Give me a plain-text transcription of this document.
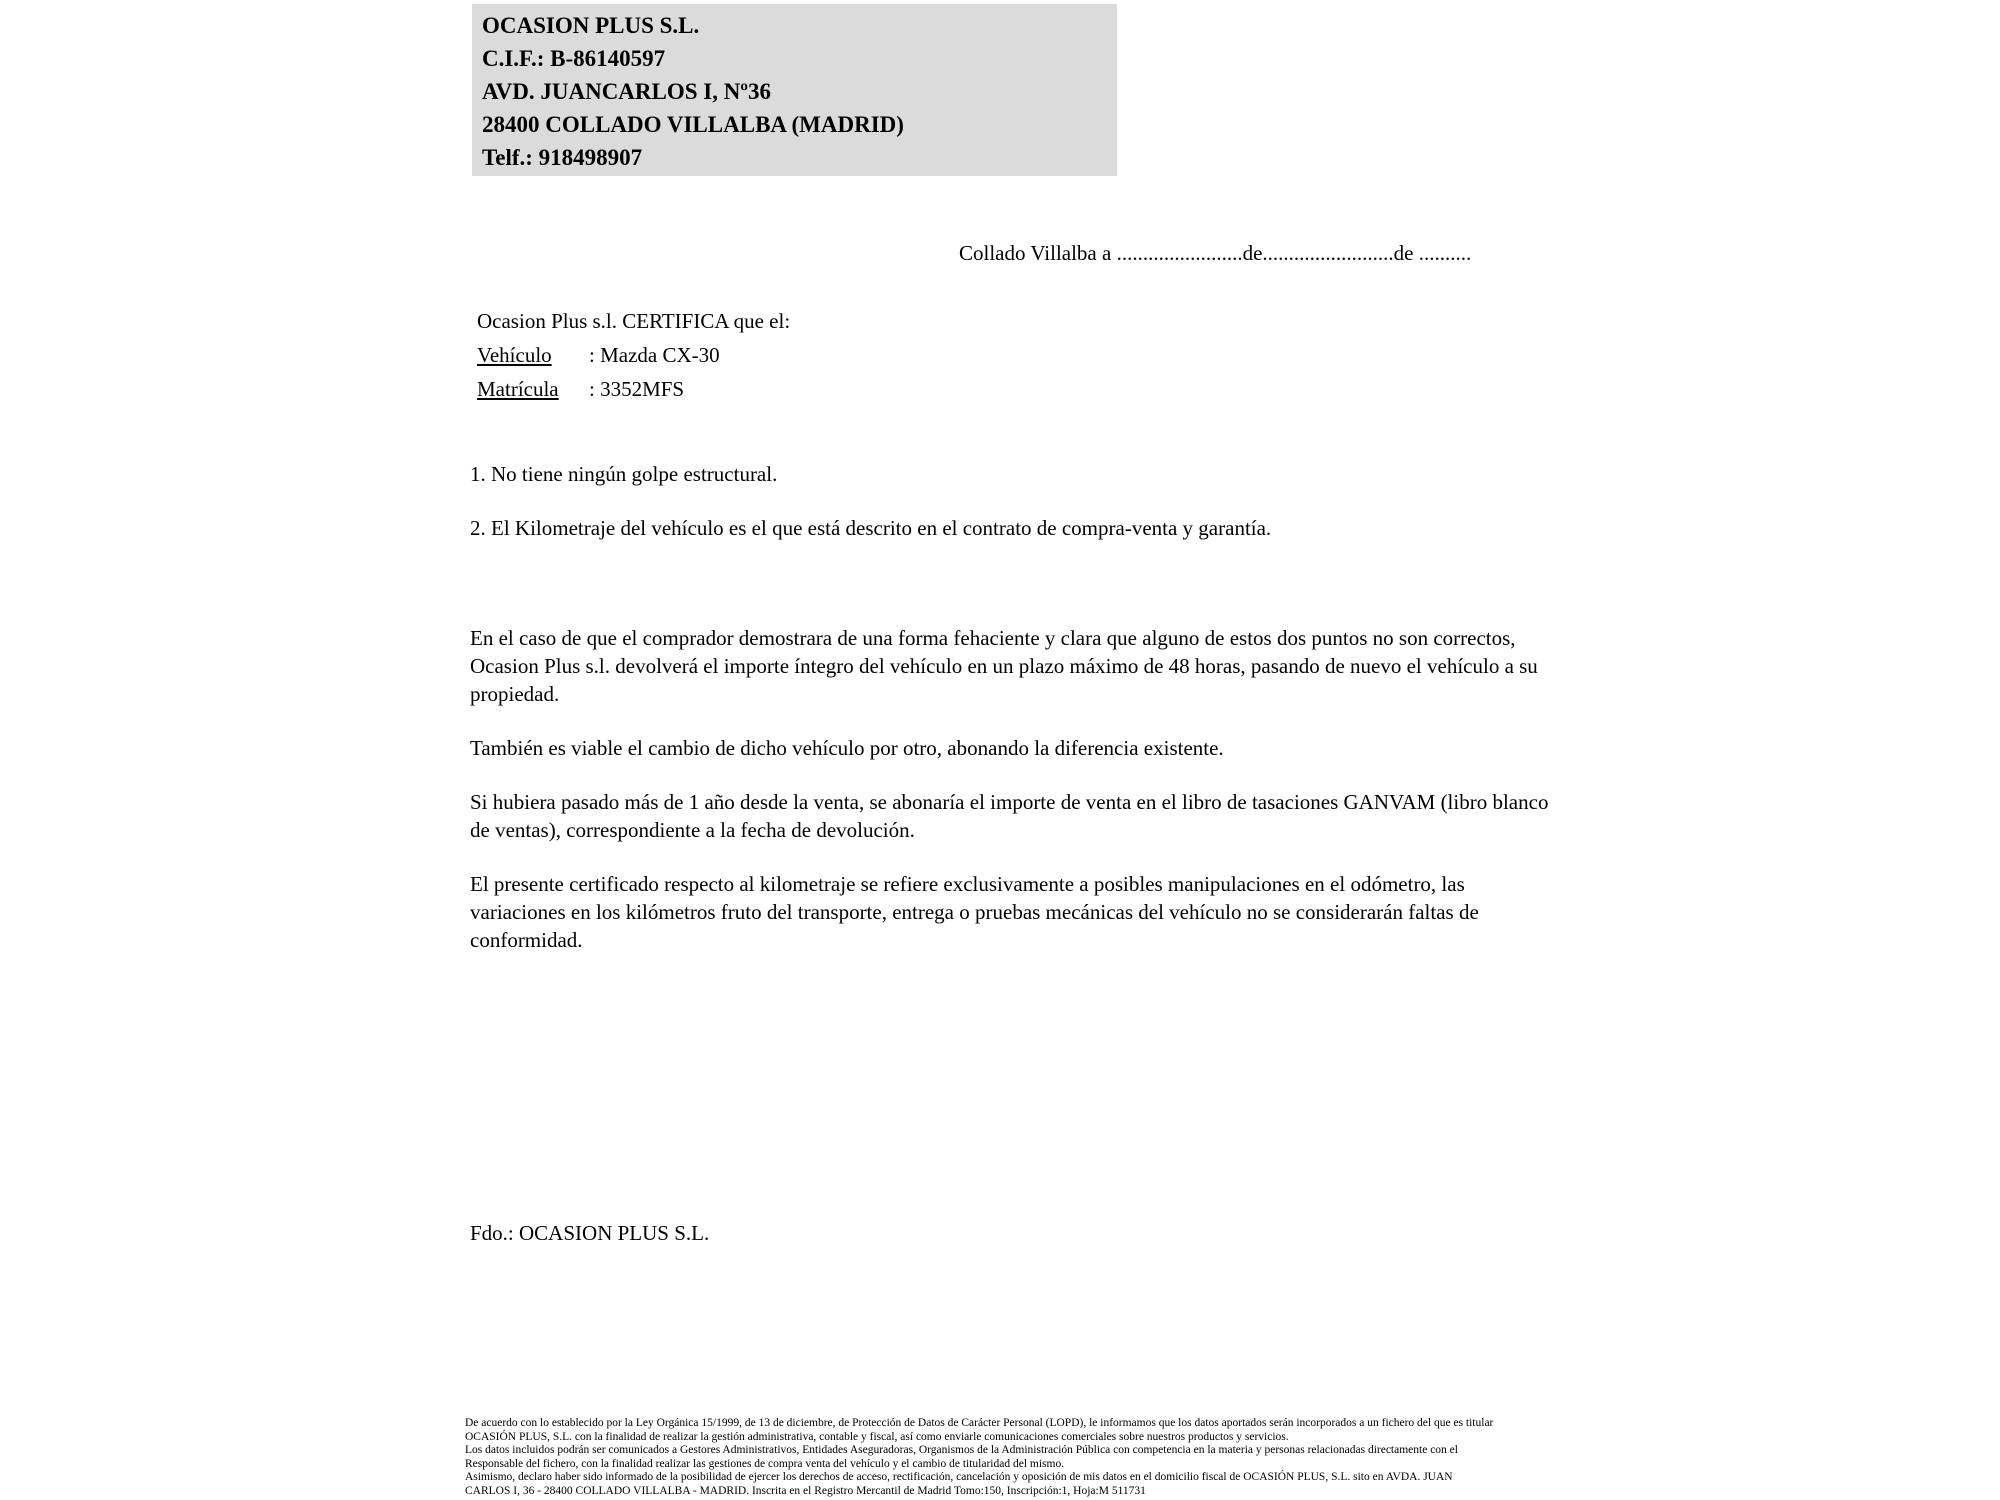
OCASION PLUS S.L.
C.I.F.: B-86140597
AVD. JUANCARLOS I, Nº36
28400 COLLADO VILLALBA (MADRID)
Telf.: 918498907
Collado Villalba a ........................de.........................de ..........
Ocasion Plus s.l. CERTIFICA que el:
Vehículo : Mazda CX-30
Matrícula : 3352MFS
1. No tiene ningún golpe estructural.
2. El Kilometraje del vehículo es el que está descrito en el contrato de compra-venta y garantía.

En el caso de que el comprador demostrara de una forma fehaciente y clara que alguno de estos dos puntos no son correctos, Ocasion Plus s.l. devolverá el importe íntegro del vehículo en un plazo máximo de 48 horas, pasando de nuevo el vehículo a su propiedad.

También es viable el cambio de dicho vehículo por otro, abonando la diferencia existente.

Si hubiera pasado más de 1 año desde la venta, se abonaría el importe de venta en el libro de tasaciones GANVAM (libro blanco de ventas), correspondiente a la fecha de devolución.

El presente certificado respecto al kilometraje se refiere exclusivamente a posibles manipulaciones en el odómetro, las variaciones en los kilómetros fruto del transporte, entrega o pruebas mecánicas del vehículo no se considerarán faltas de conformidad.

Fdo.: OCASION PLUS S.L.
De acuerdo con lo establecido por la Ley Orgánica 15/1999, de 13 de diciembre, de Protección de Datos de Carácter Personal (LOPD), le informamos que los datos aportados serán incorporados a un fichero del que es titular
OCASIÓN PLUS, S.L. con la finalidad de realizar la gestión administrativa, contable y fiscal, así como enviarle comunicaciones comerciales sobre nuestros productos y servicios.
Los datos incluidos podrán ser comunicados a Gestores Administrativos, Entidades Aseguradoras, Organismos de la Administración Pública con competencia en la materia y personas relacionadas directamente con el
Responsable del fichero, con la finalidad realizar las gestiones de compra venta del vehículo y el cambio de titularidad del mismo.
Asimismo, declaro haber sido informado de la posibilidad de ejercer los derechos de acceso, rectificación, cancelación y oposición de mis datos en el domicilio fiscal de OCASIÓN PLUS, S.L. sito en AVDA. JUAN
CARLOS I, 36 - 28400 COLLADO VILLALBA - MADRID. Inscrita en el Registro Mercantil de Madrid Tomo:150, Inscripción:1, Hoja:M 511731
